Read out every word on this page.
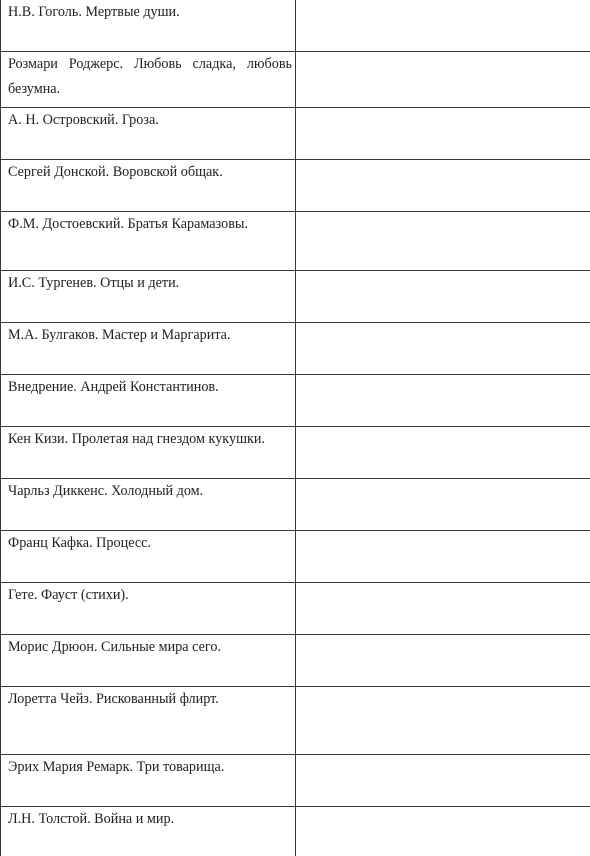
Н.В. Гоголь. Мертвые души.	

Розмари Роджерс. Любовь сладка, любовь безумна.	

А. Н. Островский. Гроза.	

Сергей Донской. Воровской общак.	

Ф.М. Достоевский. Братья Карамазовы.	

И.С. Тургенев. Отцы и дети.	

М.А. Булгаков. Мастер и Маргарита.	

Внедрение. Андрей Константинов.	

Кен Кизи. Пролетая над гнездом кукушки.	

Чарльз Диккенс. Холодный дом.	

Франц Кафка. Процесс.	

Гете. Фауст (стихи).	

Морис Дрюон. Сильные мира сего.	

Лоретта Чейз. Рискованный флирт.	

Эрих Мария Ремарк. Три товарища.	

Л.Н. Толстой. Война и мир.	
